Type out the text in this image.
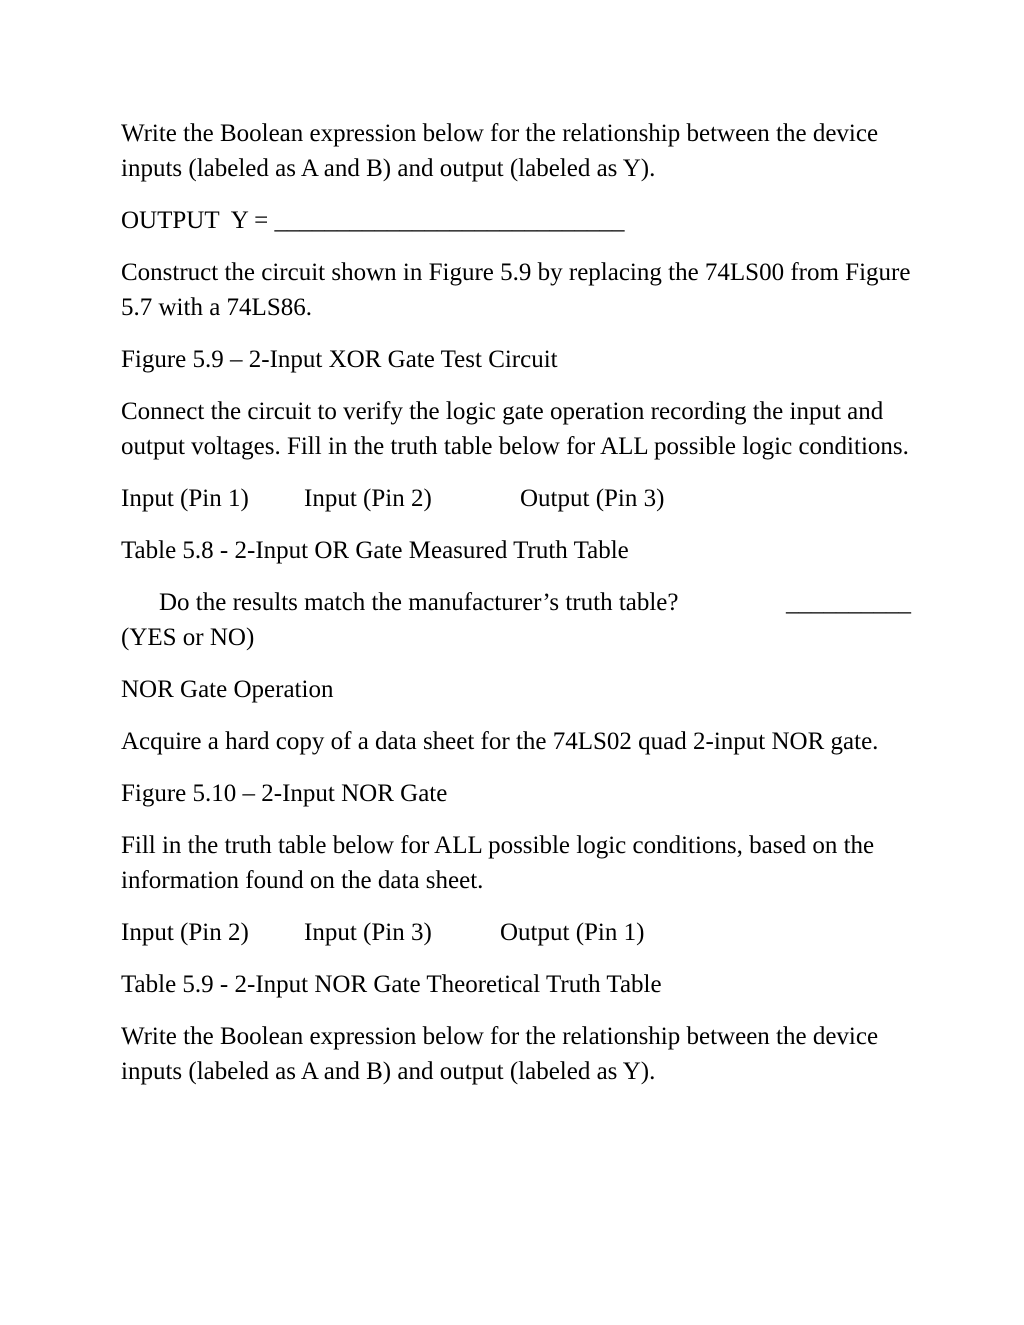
Write the Boolean expression below for the relationship between the device inputs (labeled as A and B) and output (labeled as Y).

OUTPUT  Y = ____________________________

Construct the circuit shown in Figure 5.9 by replacing the 74LS00 from Figure 5.7 with a 74LS86.

Figure 5.9 – 2-Input XOR Gate Test Circuit

Connect the circuit to verify the logic gate operation recording the input and output voltages. Fill in the truth table below for ALL possible logic conditions.

Input (Pin 1)	Input (Pin 2)	Output (Pin 3)

Table 5.8 - 2-Input OR Gate Measured Truth Table

Do the results match the manufacturer’s truth table?	__________
(YES or NO)

NOR Gate Operation

Acquire a hard copy of a data sheet for the 74LS02 quad 2-input NOR gate.

Figure 5.10 – 2-Input NOR Gate

Fill in the truth table below for ALL possible logic conditions, based on the information found on the data sheet.

Input (Pin 2)	Input (Pin 3)	Output (Pin 1)

Table 5.9 - 2-Input NOR Gate Theoretical Truth Table

Write the Boolean expression below for the relationship between the device inputs (labeled as A and B) and output (labeled as Y).
